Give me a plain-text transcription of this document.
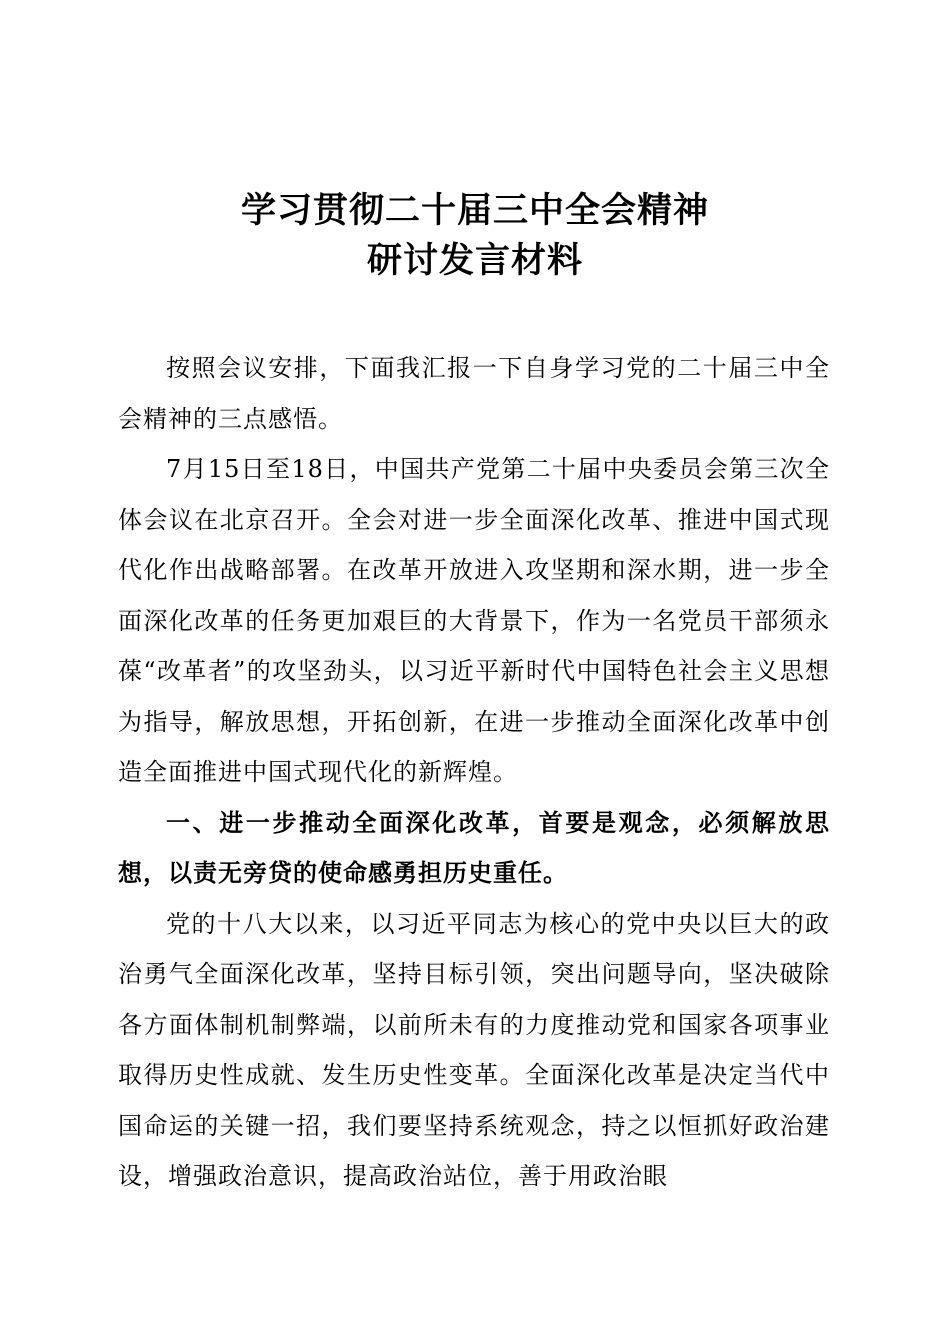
学习贯彻二十届三中全会精神
研讨发言材料

按照会议安排，下面我汇报一下自身学习党的二十届三中全会精神的三点感悟。

7月15日至18日，中国共产党第二十届中央委员会第三次全体会议在北京召开。全会对进一步全面深化改革、推进中国式现代化作出战略部署。在改革开放进入攻坚期和深水期，进一步全面深化改革的任务更加艰巨的大背景下，作为一名党员干部须永葆“改革者”的攻坚劲头，以习近平新时代中国特色社会主义思想为指导，解放思想，开拓创新，在进一步推动全面深化改革中创造全面推进中国式现代化的新辉煌。

一、进一步推动全面深化改革，首要是观念，必须解放思想，以责无旁贷的使命感勇担历史重任。

党的十八大以来，以习近平同志为核心的党中央以巨大的政治勇气全面深化改革，坚持目标引领，突出问题导向，坚决破除各方面体制机制弊端，以前所未有的力度推动党和国家各项事业取得历史性成就、发生历史性变革。全面深化改革是决定当代中国命运的关键一招，我们要坚持系统观念，持之以恒抓好政治建设，增强政治意识，提高政治站位，善于用政治眼
